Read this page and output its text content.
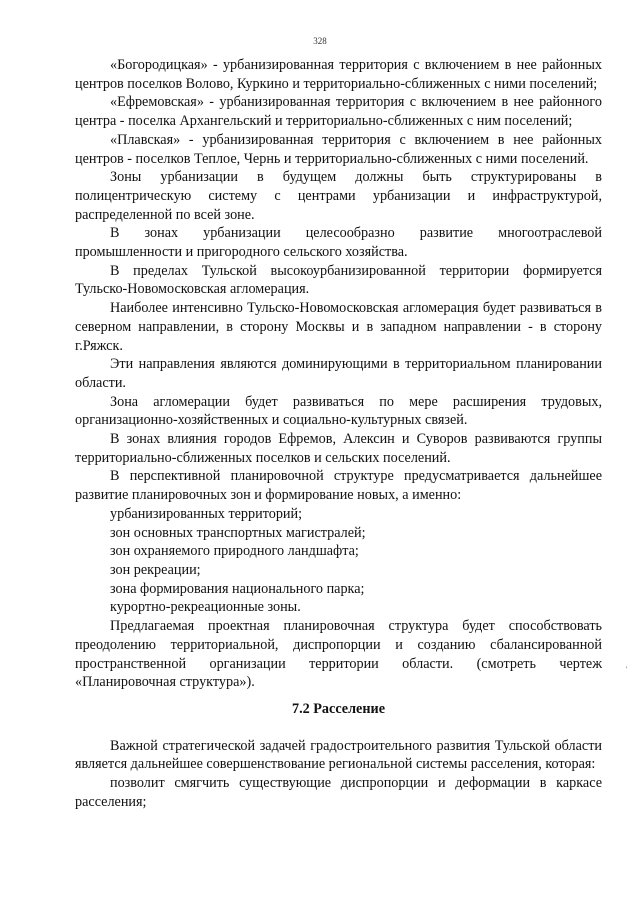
328

«Богородицкая» - урбанизированная территория с включением в нее районных центров поселков Волово, Куркино и территориально-сближенных с ними поселений;

«Ефремовская» - урбанизированная территория с включением в нее районного центра - поселка Архангельский и территориально-сближенных с ним поселений;

«Плавская» - урбанизированная территория с включением в нее районных центров - поселков Теплое, Чернь и территориально-сближенных с ними поселений.

Зоны урбанизации в будущем должны быть структурированы в полицентрическую систему с центрами урбанизации и инфраструктурой, распределенной по всей зоне.

В зонах урбанизации целесообразно развитие многоотраслевой промышленности и пригородного сельского хозяйства.

В пределах Тульской высокоурбанизированной территории формируется Тульско-Новомосковская агломерация.

Наиболее интенсивно Тульско-Новомосковская агломерация будет развиваться в северном направлении, в сторону Москвы и в западном направлении - в сторону г.Ряжск.

Эти направления являются доминирующими в территориальном планировании области.

Зона агломерации будет развиваться по мере расширения трудовых, организационно-хозяйственных и социально-культурных связей.

В зонах влияния городов Ефремов, Алексин и Суворов развиваются группы территориально-сближенных поселков и сельских поселений.

В перспективной планировочной структуре предусматривается дальнейшее развитие планировочных зон и формирование новых, а именно:

урбанизированных территорий;

зон основных транспортных магистралей;

зон охраняемого природного ландшафта;

зон рекреации;

зона формирования национального парка;

курортно-рекреационные зоны.

Предлагаемая проектная планировочная структура будет способствовать преодолению территориальной, диспропорции и созданию сбалансированной пространственной организации территории области. (смотреть чертеж «Планировочная структура»).

7.2 Расселение

Важной стратегической задачей градостроительного развития Тульской области является дальнейшее совершенствование региональной системы расселения, которая:

позволит смягчить существующие диспропорции и деформации в каркасе расселения;

'
